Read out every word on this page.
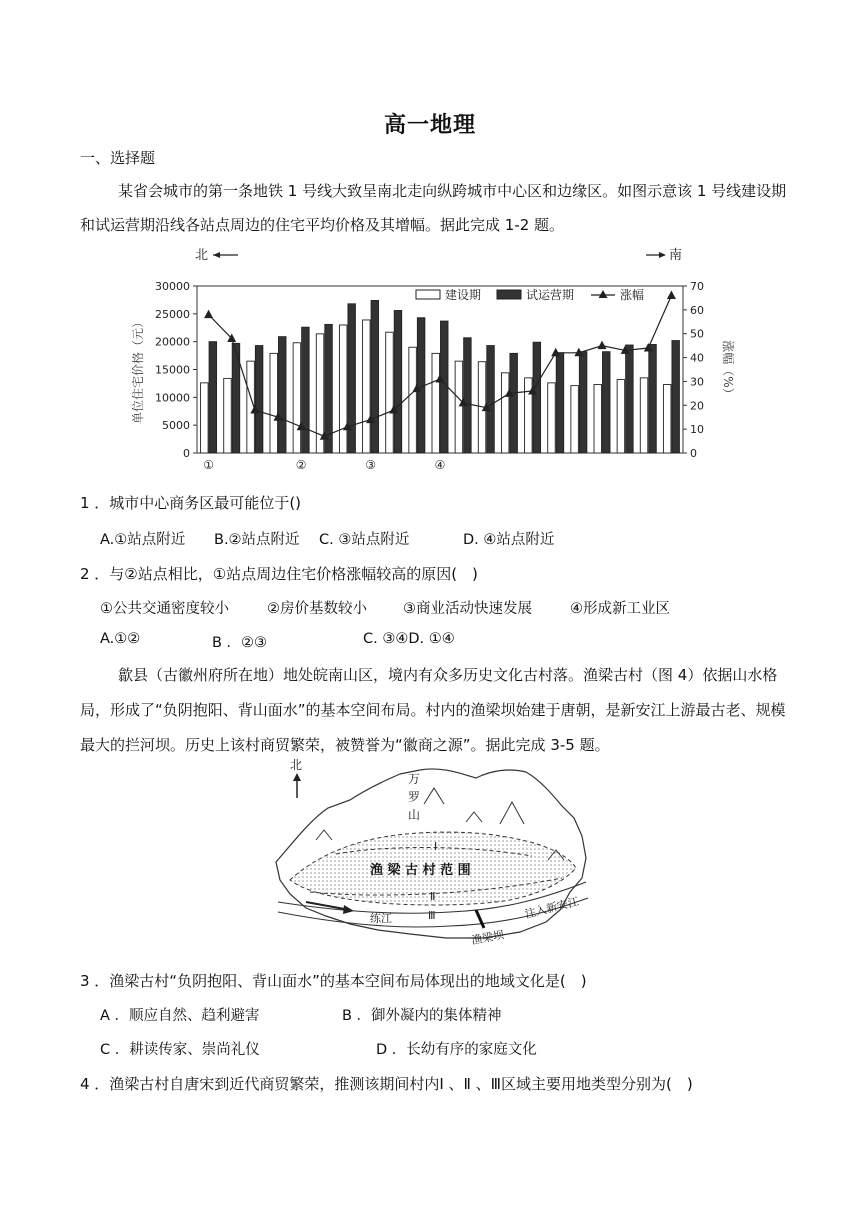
高一地理
一、选择题
某省会城市的第一条地铁 1 号线大致呈南北走向纵跨城市中心区和边缘区。如图示意该 1 号线建设期
和试运营期沿线各站点周边的住宅平均价格及其增幅。据此完成 1-2 题。
北	南
单位住宅价格（元）	涨幅（%）
建设期	试运营期	涨幅
0
5000
10000
15000
20000
25000
30000
0
10
20
30
40
50
60
70
①	②	③	④
1 ．城市中心商务区最可能位于()
A.①站点附近 B.②站点附近 C. ③站点附近	D. ④站点附近
2 ．与②站点相比，①站点周边住宅价格涨幅较高的原因(　)
①公共交通密度较小	②房价基数较小 ③商业活动快速发展	④形成新工业区
A.①②	B ．②③	C. ③④D. ①④
歙县（古徽州府所在地）地处皖南山区，境内有众多历史文化古村落。渔梁古村（图 4）依据山水格
局，形成了“负阴抱阳、背山面水”的基本空间布局。村内的渔梁坝始建于唐朝，是新安江上游最古老、规模
最大的拦河坝。历史上该村商贸繁荣，被赞誉为“徽商之源”。据此完成 3-5 题。
北
万
罗
山
Ⅰ
渔 梁 古 村 范 围
Ⅱ
Ⅲ
练江
渔梁坝
注入新安江
3 ．渔梁古村“负阴抱阳、背山面水”的基本空间布局体现出的地域文化是(　)
A ．顺应自然、趋利避害	B ．御外凝内的集体精神
C ．耕读传家、崇尚礼仪	D ．长幼有序的家庭文化
4 ．渔梁古村自唐宋到近代商贸繁荣，推测该期间村内Ⅰ 、Ⅱ 、Ⅲ区域主要用地类型分别为(　)
